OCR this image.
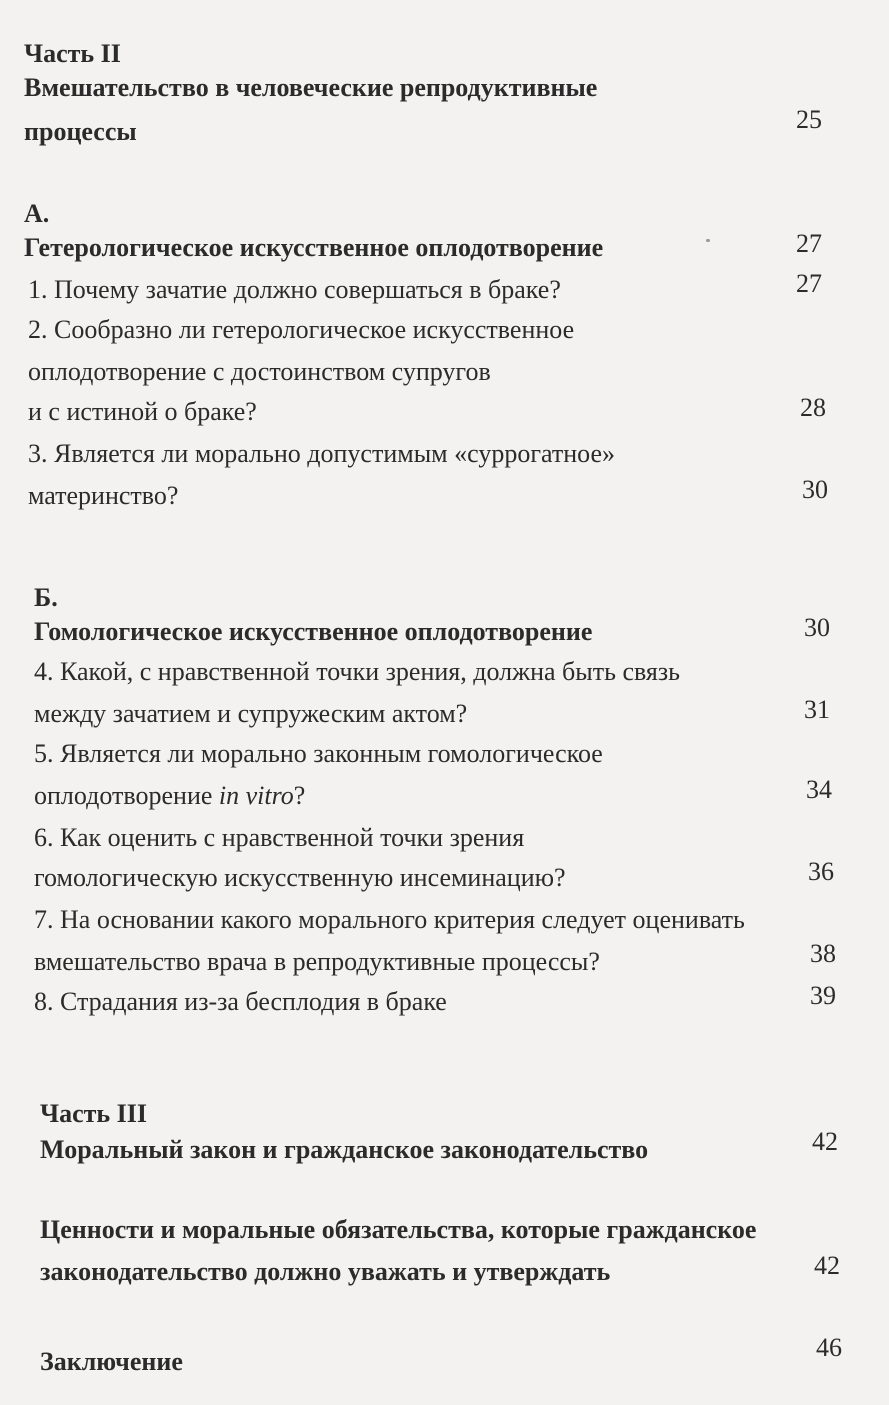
Часть II
Вмешательство в человеческие репродуктивные
процессы	25
А.
Гетерологическое искусственное оплодотворение	27
1. Почему зачатие должно совершаться в браке?	27
2. Сообразно ли гетерологическое искусственное
оплодотворение с достоинством супругов
и с истиной о браке?	28
3. Является ли морально допустимым «суррогатное»
материнство?	30
Б.
Гомологическое искусственное оплодотворение	30
4. Какой, с нравственной точки зрения, должна быть связь
между зачатием и супружеским актом?	31
5. Является ли морально законным гомологическое
оплодотворение in vitro?	34
6. Как оценить с нравственной точки зрения
гомологическую искусственную инсеминацию?	36
7. На основании какого морального критерия следует оценивать
вмешательство врача в репродуктивные процессы?	38
8. Страдания из-за бесплодия в браке	39
Часть III
Моральный закон и гражданское законодательство	42
Ценности и моральные обязательства, которые гражданское
законодательство должно уважать и утверждать	42
Заключение	46
